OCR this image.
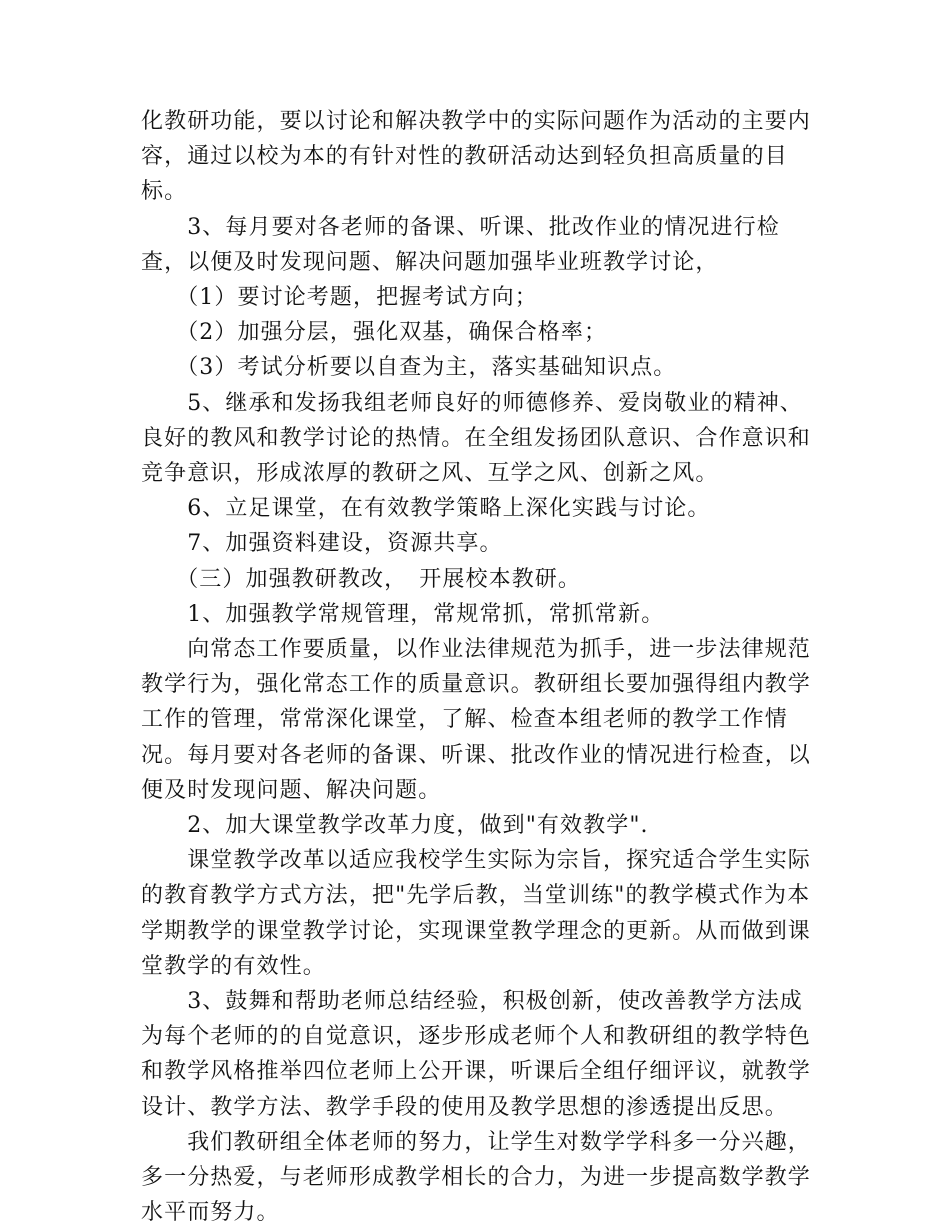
化教研功能，要以讨论和解决教学中的实际问题作为活动的主要内容，通过以校为本的有针对性的教研活动达到轻负担高质量的目标。

　　3、每月要对各老师的备课、听课、批改作业的情况进行检查，以便及时发现问题、解决问题加强毕业班教学讨论，

　　（1）要讨论考题，把握考试方向；

　　（2）加强分层，强化双基，确保合格率；

　　（3）考试分析要以自查为主，落实基础知识点。

　　5、继承和发扬我组老师良好的师德修养、爱岗敬业的精神、良好的教风和教学讨论的热情。在全组发扬团队意识、合作意识和竞争意识，形成浓厚的教研之风、互学之风、创新之风。

　　6、立足课堂，在有效教学策略上深化实践与讨论。

　　7、加强资料建设，资源共享。

　　（三）加强教研教改，　开展校本教研。

　　1、加强教学常规管理，常规常抓，常抓常新。

　　向常态工作要质量，以作业法律规范为抓手，进一步法律规范教学行为，强化常态工作的质量意识。教研组长要加强得组内教学工作的管理，常常深化课堂，了解、检查本组老师的教学工作情况。每月要对各老师的备课、听课、批改作业的情况进行检查，以便及时发现问题、解决问题。

　　2、加大课堂教学改革力度，做到"有效教学".

　　课堂教学改革以适应我校学生实际为宗旨，探究适合学生实际的教育教学方式方法，把"先学后教，当堂训练"的教学模式作为本学期教学的课堂教学讨论，实现课堂教学理念的更新。从而做到课堂教学的有效性。

　　3、鼓舞和帮助老师总结经验，积极创新，使改善教学方法成为每个老师的的自觉意识，逐步形成老师个人和教研组的教学特色和教学风格推举四位老师上公开课，听课后全组仔细评议，就教学设计、教学方法、教学手段的使用及教学思想的渗透提出反思。

　　我们教研组全体老师的努力，让学生对数学学科多一分兴趣，多一分热爱，与老师形成教学相长的合力，为进一步提高数学教学水平而努力。
